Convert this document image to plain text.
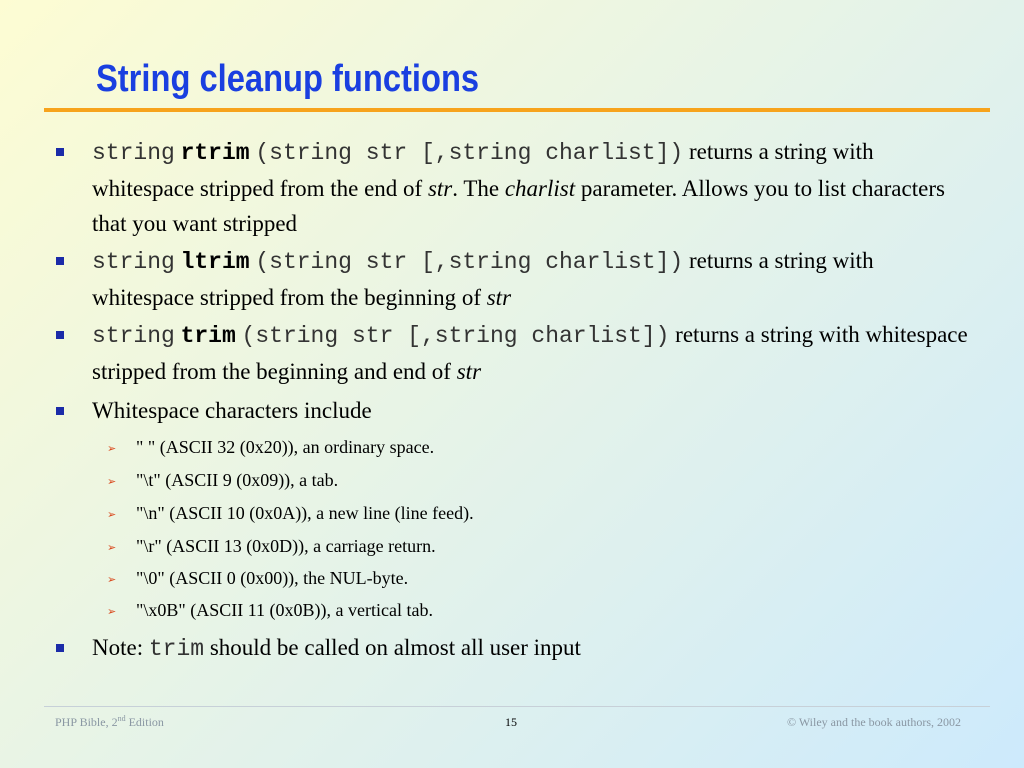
String cleanup functions
string rtrim (string str [,string charlist]) returns a string with whitespace stripped from the end of str. The charlist parameter. Allows you to list characters that you want stripped
string ltrim (string str [,string charlist]) returns a string with whitespace stripped from the beginning of str
string trim (string str [,string charlist]) returns a string with whitespace stripped from the beginning and end of str
Whitespace characters include
➢ " " (ASCII 32 (0x20)), an ordinary space.
➢ "\t" (ASCII 9 (0x09)), a tab.
➢ "\n" (ASCII 10 (0x0A)), a new line (line feed).
➢ "\r" (ASCII 13 (0x0D)), a carriage return.
➢ "\0" (ASCII 0 (0x00)), the NUL-byte.
➢ "\x0B" (ASCII 11 (0x0B)), a vertical tab.
Note: trim should be called on almost all user input
PHP Bible, 2nd Edition	15	© Wiley and the book authors, 2002
